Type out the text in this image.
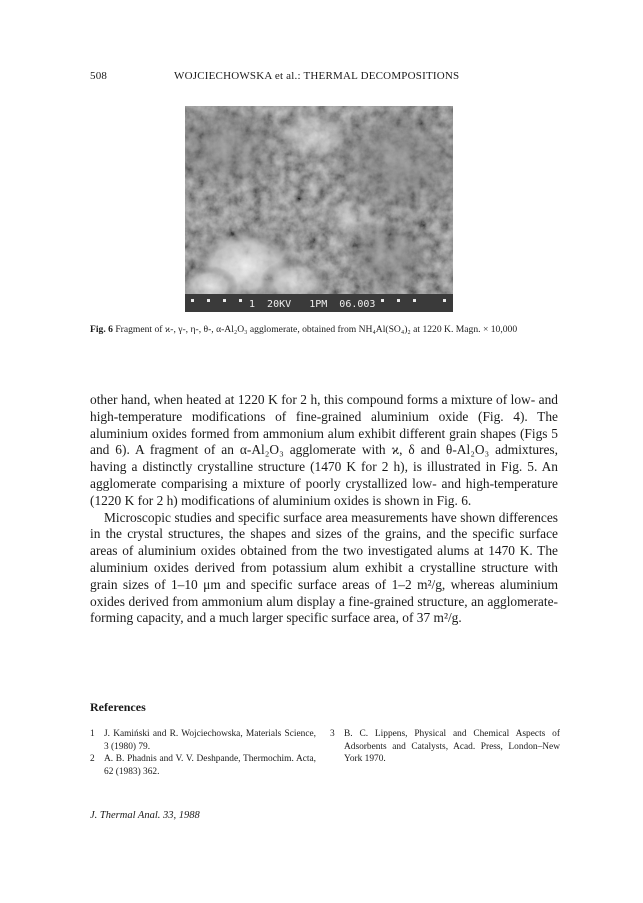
508	WOJCIECHOWSKA et al.: THERMAL DECOMPOSITIONS
1  20KV   1PM  06.003
Fig. 6 Fragment of ϰ-, γ-, η-, θ-, α-Al₂O₃ agglomerate, obtained from NH₄Al(SO₄)₂ at 1220 K. Magn. × 10,000

other hand, when heated at 1220 K for 2 h, this compound forms a mixture of low- and high-temperature modifications of fine-grained aluminium oxide (Fig. 4). The aluminium oxides formed from ammonium alum exhibit different grain shapes (Figs 5 and 6). A fragment of an α-Al₂O₃ agglomerate with ϰ, δ and θ-Al₂O₃ admixtures, having a distinctly crystalline structure (1470 K for 2 h), is illustrated in Fig. 5. An agglomerate comparising a mixture of poorly crystallized low- and high-temperature (1220 K for 2 h) modifications of aluminium oxides is shown in Fig. 6.

Microscopic studies and specific surface area measurements have shown differences in the crystal structures, the shapes and sizes of the grains, and the specific surface areas of aluminium oxides obtained from the two investigated alums at 1470 K. The aluminium oxides derived from potassium alum exhibit a crystalline structure with grain sizes of 1–10 μm and specific surface areas of 1–2 m²/g, whereas aluminium oxides derived from ammonium alum display a fine-grained structure, an agglomerate-forming capacity, and a much larger specific surface area, of 37 m²/g.

References
1 J. Kamiński and R. Wojciechowska, Materials Science, 3 (1980) 79.
2 A. B. Phadnis and V. V. Deshpande, Thermochim. Acta, 62 (1983) 362.
3 B. C. Lippens, Physical and Chemical Aspects of Adsorbents and Catalysts, Acad. Press, London–New York 1970.
J. Thermal Anal. 33, 1988
